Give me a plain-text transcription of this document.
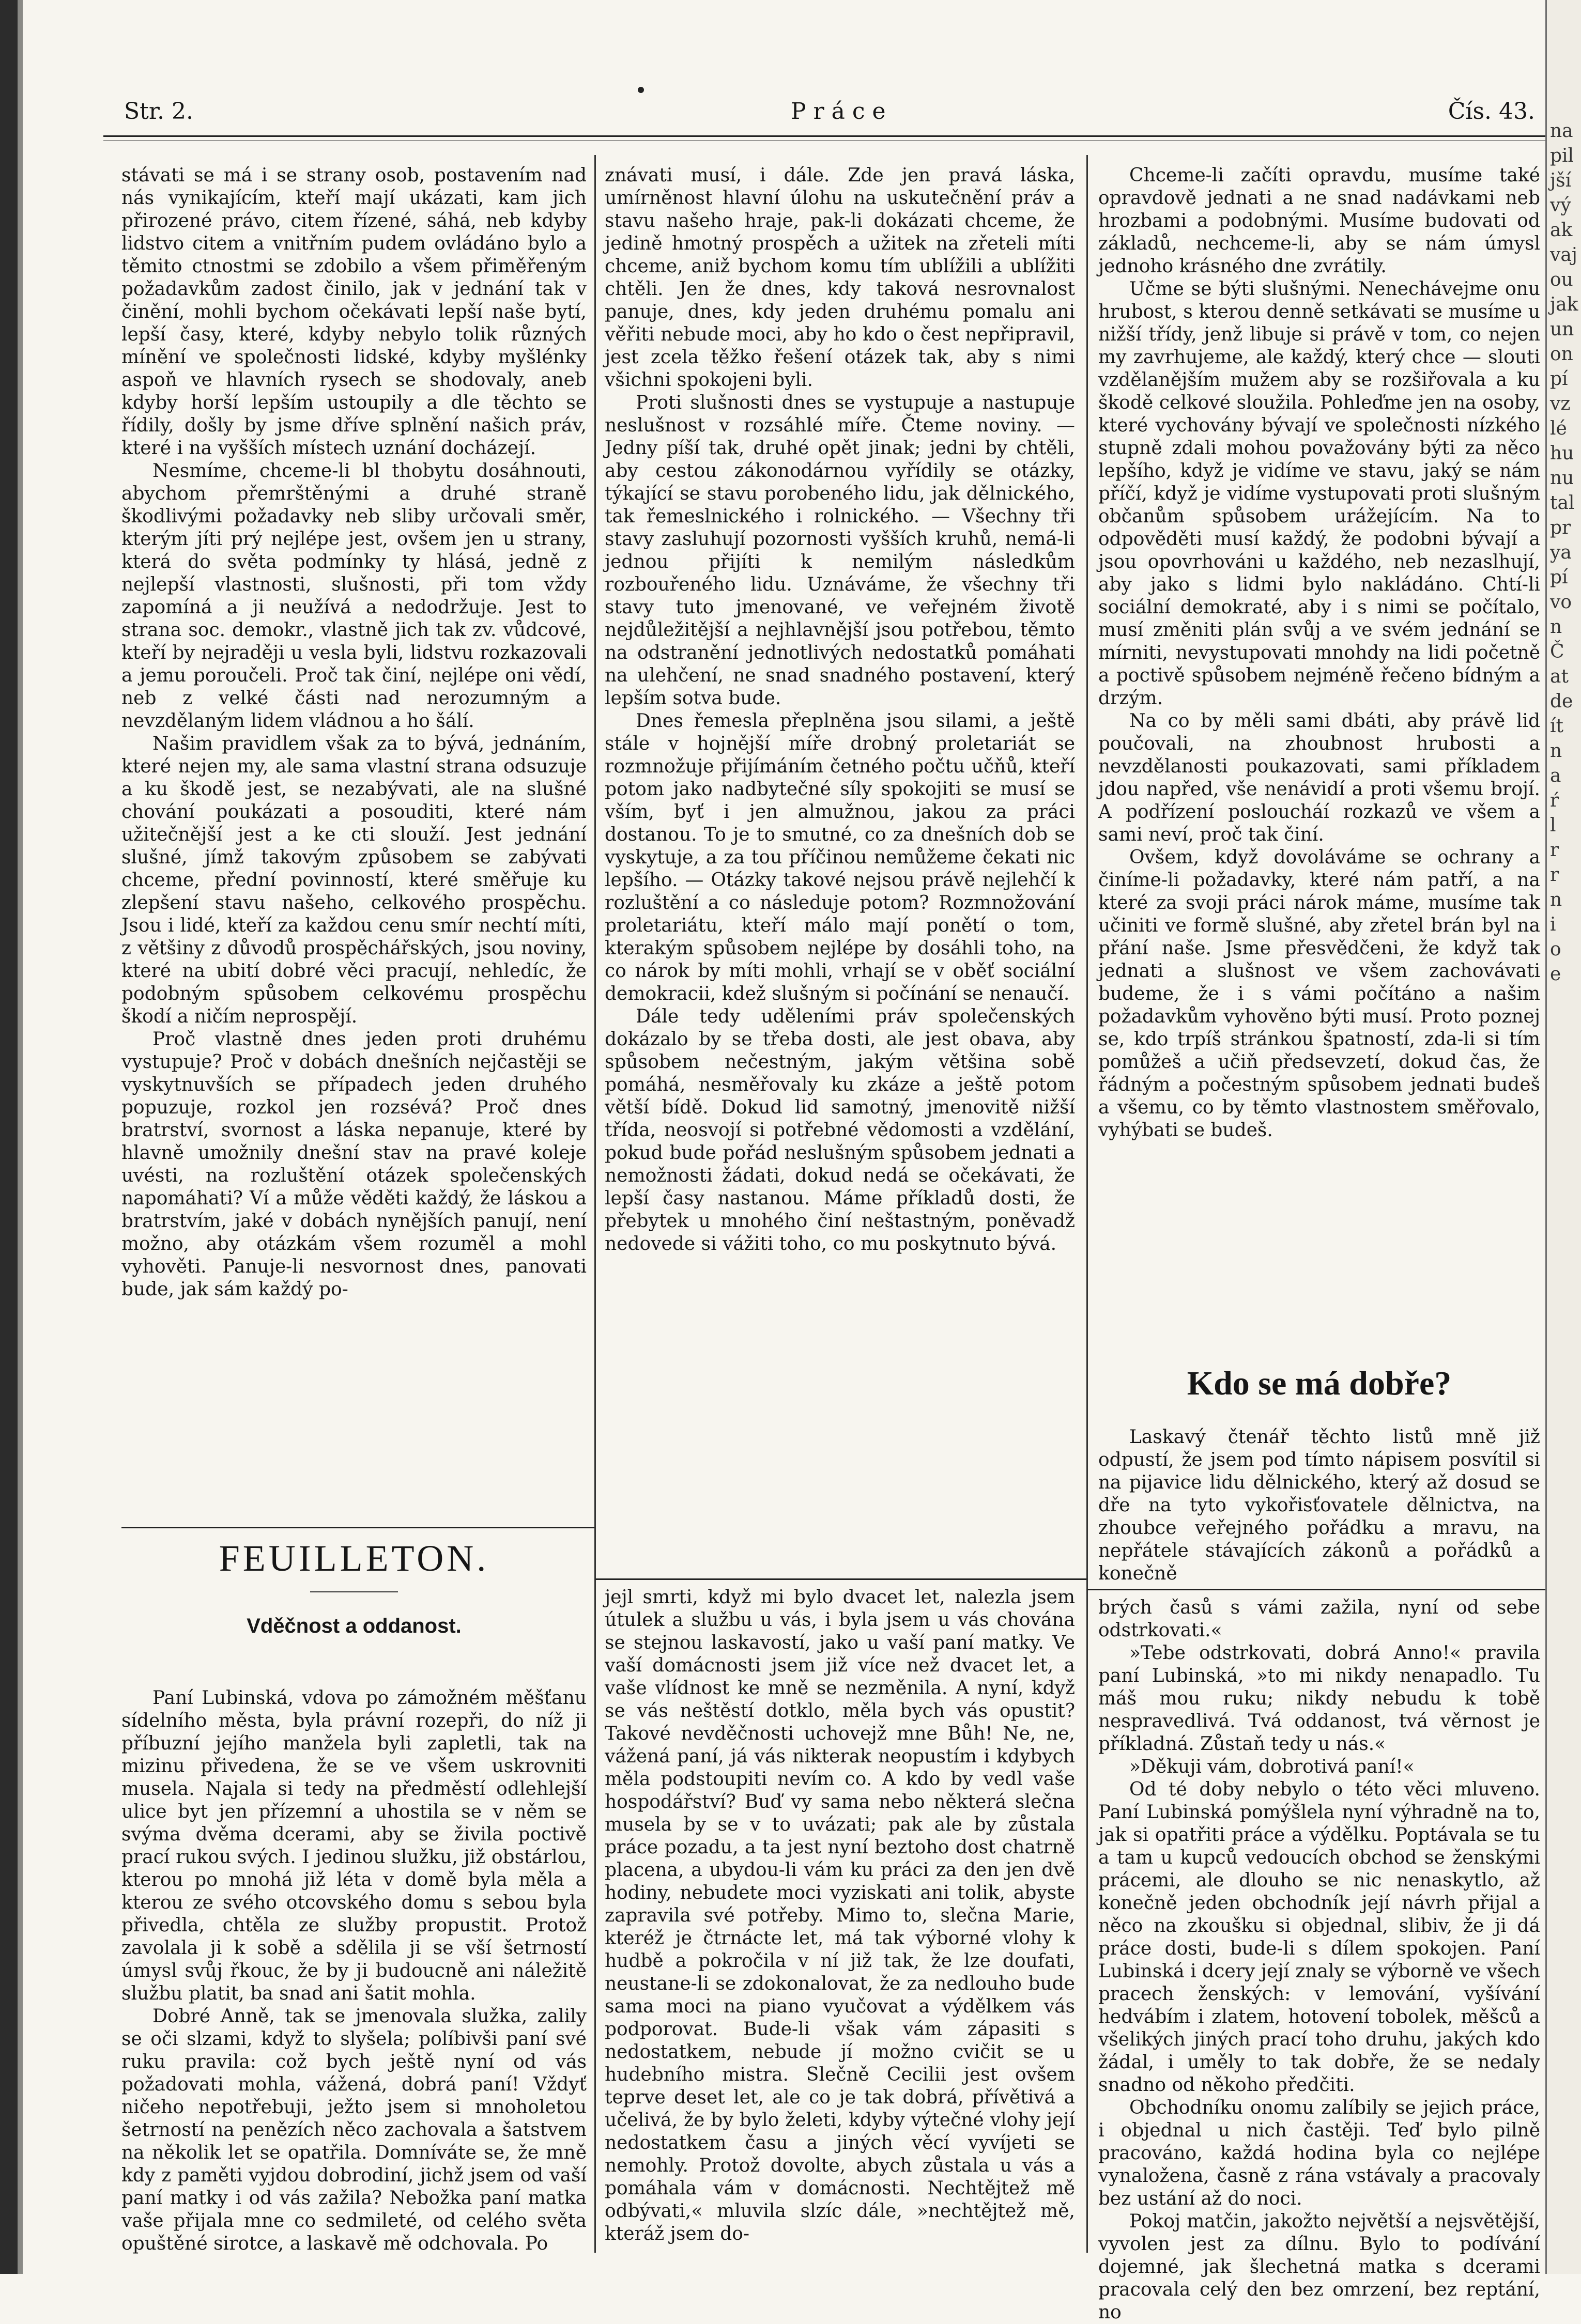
Str. 2.	Práce	Čís. 43.

stávati se má i se strany osob, postavením nad nás vynikajícím, kteří mají ukázati, kam jich přirozené právo, citem řízené, sáhá, neb kdyby lidstvo citem a vnitřním pudem ovládáno bylo a těmito ctnostmi se zdobilo a všem přiměřeným požadavkům zadost činilo, jak v jednání tak v činění, mohli bychom očekávati lepší naše bytí, lepší časy, které, kdyby nebylo tolik různých mínění ve společnosti lidské, kdyby myšlénky aspoň ve hlavních rysech se shodovaly, aneb kdyby horší lepším ustoupily a dle těchto se řídily, došly by jsme dříve splnění našich práv, které i na vyšších místech uznání docházejí.

Nesmíme, chceme-li bl thobytu dosáhnouti, abychom přemrštěnými a druhé straně škodlivými požadavky neb sliby určovali směr, kterým jíti prý nejlépe jest, ovšem jen u strany, která do světa podmínky ty hlásá, jedně z nejlepší vlastnosti, slušnosti, při tom vždy zapomíná a ji neužívá a nedodržuje. Jest to strana soc. demokr., vlastně jich tak zv. vůdcové, kteří by nejraději u vesla byli, lidstvu rozkazovali a jemu poroučeli. Proč tak činí, nejlépe oni vědí, neb z velké části nad nerozumným a nevzdělaným lidem vládnou a ho šálí.

Našim pravidlem však za to bývá, jednáním, které nejen my, ale sama vlastní strana odsuzuje a ku škodě jest, se nezabývati, ale na slušné chování poukázati a posouditi, které nám užitečnější jest a ke cti slouží. Jest jednání slušné, jímž takovým způsobem se zabývati chceme, přední povinností, které směřuje ku zlepšení stavu našeho, celkového prospěchu. Jsou i lidé, kteří za každou cenu smír nechtí míti, z většiny z důvodů prospěchářských, jsou noviny, které na ubití dobré věci pracují, nehledíc, že podobným spůsobem celkovému prospěchu škodí a ničím neprospějí.

Proč vlastně dnes jeden proti druhému vystupuje? Proč v dobách dnešních nejčastěji se vyskytnuvších se případech jeden druhého popuzuje, rozkol jen rozsévá? Proč dnes bratrství, svornost a láska nepanuje, které by hlavně umožnily dnešní stav na pravé koleje uvésti, na rozluštění otázek společenských napomáhati? Ví a může věděti každý, že láskou a bratrstvím, jaké v dobách nynějších panují, není možno, aby otázkám všem rozuměl a mohl vyhověti. Panuje-li nesvornost dnes, panovati bude, jak sám každý po-

znávati musí, i dále. Zde jen pravá láska, umírněnost hlavní úlohu na uskutečnění práv a stavu našeho hraje, pak-li dokázati chceme, že jedině hmotný prospěch a užitek na zřeteli míti chceme, aniž bychom komu tím ublížili a ublížiti chtěli. Jen že dnes, kdy taková nesrovnalost panuje, dnes, kdy jeden druhému pomalu ani věřiti nebude moci, aby ho kdo o čest nepřipravil, jest zcela těžko řešení otázek tak, aby s nimi všichni spokojeni byli.

Proti slušnosti dnes se vystupuje a nastupuje neslušnost v rozsáhlé míře. Čteme noviny. — Jedny píší tak, druhé opět jinak; jedni by chtěli, aby cestou zákonodárnou vyřídily se otázky, týkající se stavu porobeného lidu, jak dělnického, tak řemeslnického i rolnického. — Všechny tři stavy zasluhují pozornosti vyšších kruhů, nemá-li jednou přijíti k nemilým následkům rozbouřeného lidu. Uznáváme, že všechny tři stavy tuto jmenované, ve veřejném životě nejdůležitější a nejhlavnější jsou potřebou, těmto na odstranění jednotlivých nedostatků pomáhati na ulehčení, ne snad snadného postavení, který lepším sotva bude.

Dnes řemesla přeplněna jsou silami, a ještě stále v hojnější míře drobný proletariát se rozmnožuje přijímáním četného počtu učňů, kteří potom jako nadbytečné síly spokojiti se musí se vším, byť i jen almužnou, jakou za práci dostanou. To je to smutné, co za dnešních dob se vyskytuje, a za tou příčinou nemůžeme čekati nic lepšího. — Otázky takové nejsou právě nejlehčí k rozluštění a co následuje potom? Rozmnožování proletariátu, kteří málo mají ponětí o tom, kterakým spůsobem nejlépe by dosáhli toho, na co nárok by míti mohli, vrhají se v oběť sociální demokracii, kdež slušným si počínání se nenaučí.

Dále tedy uděleními práv společenských dokázalo by se třeba dosti, ale jest obava, aby spůsobem nečestným, jakým většina sobě pomáhá, nesměřovaly ku zkáze a ještě potom větší bídě. Dokud lid samotný, jmenovitě nižší třída, neosvojí si potřebné vědomosti a vzdělání, pokud bude pořád neslušným spůsobem jednati a nemožnosti žádati, dokud nedá se očekávati, že lepší časy nastanou. Máme příkladů dosti, že přebytek u mnohého činí neštastným, poněvadž nedovede si vážiti toho, co mu poskytnuto bývá.

Chceme-li začíti opravdu, musíme také opravdově jednati a ne snad nadávkami neb hrozbami a podobnými. Musíme budovati od základů, nechceme-li, aby se nám úmysl jednoho krásného dne zvrátily.

Učme se býti slušnými. Nenechávejme onu hrubost, s kterou denně setkávati se musíme u nižší třídy, jenž libuje si právě v tom, co nejen my zavrhujeme, ale každý, který chce — slouti vzdělanějším mužem aby se rozšiřovala a ku škodě celkové sloužila. Pohleďme jen na osoby, které vychovány bývají ve společnosti nízkého stupně zdali mohou považovány býti za něco lepšího, když je vidíme ve stavu, jaký se nám příčí, když je vidíme vystupovati proti slušným občanům spůsobem urážejícím. Na to odpověděti musí každý, že podobni bývají a jsou opovrhováni u každého, neb nezaslhují, aby jako s lidmi bylo nakládáno. Chtí-li sociální demokraté, aby i s nimi se počítalo, musí změniti plán svůj a ve svém jednání se mírniti, nevystupovati mnohdy na lidi početně a poctivě spůsobem nejméně řečeno bídným a drzým.

Na co by měli sami dbáti, aby právě lid poučovali, na zhoubnost hrubosti a nevzdělanosti poukazovati, sami příkladem jdou napřed, vše nenávidí a proti všemu brojí. A podřízení posloucháí rozkazů ve všem a sami neví, proč tak činí.

Ovšem, když dovoláváme se ochrany a činíme-li požadavky, které nám patří, a na které za svoji práci nárok máme, musíme tak učiniti ve formě slušné, aby zřetel brán byl na přání naše. Jsme přesvědčeni, že když tak jednati a slušnost ve všem zachovávati budeme, že i s vámi počítáno a našim požadavkům vyhověno býti musí. Proto poznej se, kdo trpíš stránkou špatností, zda-li si tím pomůžeš a učiň předsevzetí, dokud čas, že řádným a počestným spůsobem jednati budeš a všemu, co by těmto vlastnostem směřovalo, vyhýbati se budeš.

Kdo se má dobře?

Laskavý čtenář těchto listů mně již odpustí, že jsem pod tímto nápisem posvítil si na pijavice lidu dělnického, který až dosud se dře na tyto vykořisťovatele dělnictva, na zhoubce veřejného pořádku a mravu, na nepřátele stávajících zákonů a pořádků a konečně

FEUILLETON.
Vděčnost a oddanost.

Paní Lubinská, vdova po zámožném měšťanu sídelního města, byla právní rozepři, do níž ji příbuzní jejího manžela byli zapletli, tak na mizinu přivedena, že se ve všem uskrovniti musela. Najala si tedy na předměstí odlehlejší ulice byt jen přízemní a uhostila se v něm se svýma dvěma dcerami, aby se živila poctivě prací rukou svých. I jedinou služku, již obstárlou, kterou po mnohá již léta v domě byla měla a kterou ze svého otcovského domu s sebou byla přivedla, chtěla ze služby propustit. Protož zavolala ji k sobě a sdělila ji se vší šetrností úmysl svůj řkouc, že by ji budoucně ani náležitě službu platit, ba snad ani šatit mohla.

Dobré Anně, tak se jmenovala služka, zalily se oči slzami, když to slyšela; políbivši paní své ruku pravila: což bych ještě nyní od vás požadovati mohla, vážená, dobrá paní! Vždyť ničeho nepotřebuji, ježto jsem si mnoholetou šetrností na penězích něco zachovala a šatstvem na několik let se opatřila. Domníváte se, že mně kdy z paměti vyjdou dobrodiní, jichž jsem od vaší paní matky i od vás zažila? Nebožka paní matka vaše přijala mne co sedmileté, od celého světa opuštěné sirotce, a laskavě mě odchovala. Po

jejl smrti, když mi bylo dvacet let, nalezla jsem útulek a službu u vás, i byla jsem u vás chována se stejnou laskavostí, jako u vaší paní matky. Ve vaší domácnosti jsem již více než dvacet let, a vaše vlídnost ke mně se nezměnila. A nyní, když se vás neštěstí dotklo, měla bych vás opustit? Takové nevděčnosti uchovejž mne Bůh! Ne, ne, vážená paní, já vás nikterak neopustím i kdybych měla podstoupiti nevím co. A kdo by vedl vaše hospodářství? Buď vy sama nebo některá slečna musela by se v to uvázati; pak ale by zůstala práce pozadu, a ta jest nyní beztoho dost chatrně placena, a ubydou-li vám ku práci za den jen dvě hodiny, nebudete moci vyziskati ani tolik, abyste zapravila své potřeby. Mimo to, slečna Marie, kteréž je čtrnácte let, má tak výborné vlohy k hudbě a pokročila v ní již tak, že lze doufati, neustane-li se zdokonalovat, že za nedlouho bude sama moci na piano vyučovat a výdělkem vás podporovat. Bude-li však vám zápasiti s nedostatkem, nebude jí možno cvičit se u hudebního mistra. Slečně Cecilii jest ovšem teprve deset let, ale co je tak dobrá, přívětivá a učelivá, že by bylo želeti, kdyby výtečné vlohy její nedostatkem času a jiných věcí vyvíjeti se nemohly. Protož dovolte, abych zůstala u vás a pomáhala vám v domácnosti. Nechtějtež mě odbývati,« mluvila slzíc dále, »nechtějtež mě, kteráž jsem do-

brých časů s vámi zažila, nyní od sebe odstrkovati.«

»Tebe odstrkovati, dobrá Anno!« pravila paní Lubinská, »to mi nikdy nenapadlo. Tu máš mou ruku; nikdy nebudu k tobě nespravedlivá. Tvá oddanost, tvá věrnost je příkladná. Zůstaň tedy u nás.«

»Děkuji vám, dobrotivá paní!«

Od té doby nebylo o této věci mluveno. Paní Lubinská pomýšlela nyní výhradně na to, jak si opatřiti práce a výdělku. Poptávala se tu a tam u kupců vedoucích obchod se ženskými prácemi, ale dlouho se nic nenaskytlo, až konečně jeden obchodník její návrh přijal a něco na zkoušku si objednal, slibiv, že ji dá práce dosti, bude-li s dílem spokojen. Paní Lubinská i dcery její znaly se výborně ve všech pracech ženských: v lemování, vyšívání hedvábím i zlatem, hotovení tobolek, měšců a všelikých jiných prací toho druhu, jakých kdo žádal, i uměly to tak dobře, že se nedaly snadno od někoho předčiti.

Obchodníku onomu zalíbily se jejich práce, i objednal u nich častěji. Teď bylo pilně pracováno, každá hodina byla co nejlépe vynaložena, časně z rána vstávaly a pracovaly bez ustání až do noci.

Pokoj matčin, jakožto největší a nejsvětější, vyvolen jest za dílnu. Bylo to podívání dojemné, jak šlechetná matka s dcerami pracovala celý den bez omrzení, bez reptání, no

na
pil
jší
vý
ak
vaj
ou
jak
un
on
pí
vz
lé
hu
nu
tal
pr
ya
pí
vo
n
Č
at
de
ít
n
a
ŕ
l
r
r
n
i
o
e
